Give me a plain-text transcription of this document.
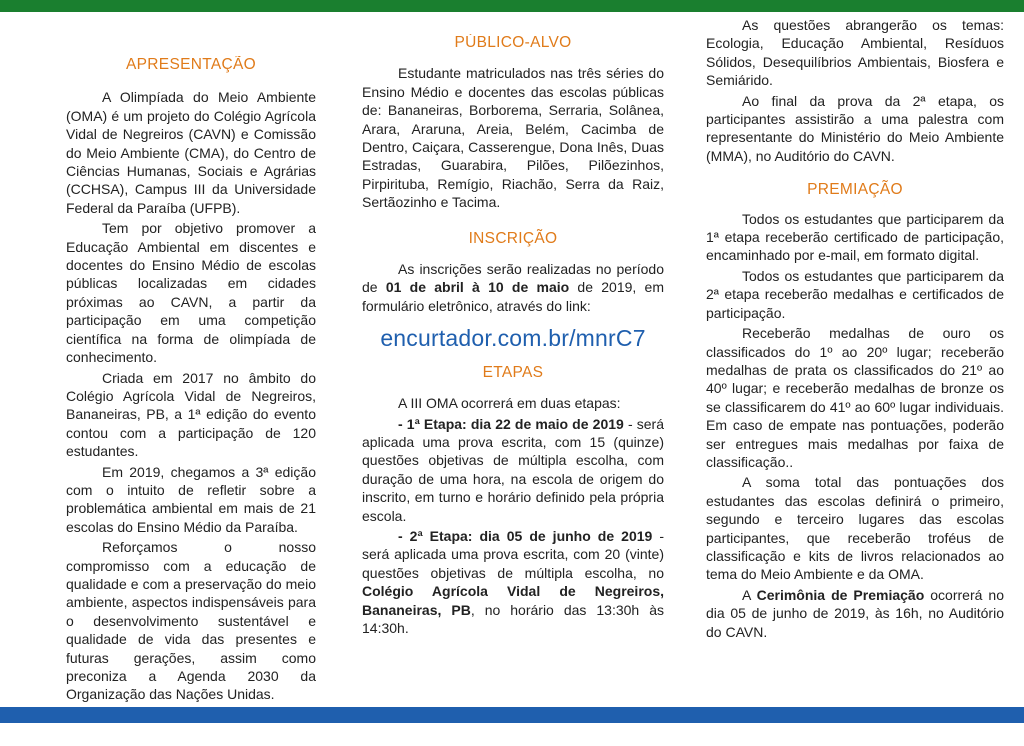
APRESENTAÇÃO

A Olimpíada do Meio Ambiente (OMA) é um projeto do Colégio Agrícola Vidal de Negreiros (CAVN) e Comissão do Meio Ambiente (CMA), do Centro de Ciências Humanas, Sociais e Agrárias (CCHSA), Campus III da Universidade Federal da Paraíba (UFPB).

Tem por objetivo promover a Educação Ambiental em discentes e docentes do Ensino Médio de escolas públicas localizadas em cidades próximas ao CAVN, a partir da participação em uma competição científica na forma de olimpíada de conhecimento.

Criada em 2017 no âmbito do Colégio Agrícola Vidal de Negreiros, Bananeiras, PB, a 1ª edição do evento contou com a participação de 120 estudantes.

Em 2019, chegamos a 3ª edição com o intuito de refletir sobre a problemática ambiental em mais de 21 escolas do Ensino Médio da Paraíba.

Reforçamos o nosso compromisso com a educação de qualidade e com a preservação do meio ambiente, aspectos indispensáveis para o desenvolvimento sustentável e qualidade de vida das presentes e futuras gerações, assim como preconiza a Agenda 2030 da Organização das Nações Unidas.

PÚBLICO-ALVO

Estudante matriculados nas três séries do Ensino Médio e docentes das escolas públicas de: Bananeiras, Borborema, Serraria, Solânea, Arara, Araruna, Areia, Belém, Cacimba de Dentro, Caiçara, Casserengue, Dona Inês, Duas Estradas, Guarabira, Pilões, Pilõezinhos, Pirpirituba, Remígio, Riachão, Serra da Raiz, Sertãozinho e Tacima.

INSCRIÇÃO

As inscrições serão realizadas no período de 01 de abril à 10 de maio de 2019, em formulário eletrônico, através do link:

encurtador.com.br/mnrC7
ETAPAS

A III OMA ocorrerá em duas etapas:

- 1ª Etapa: dia 22 de maio de 2019 - será aplicada uma prova escrita, com 15 (quinze) questões objetivas de múltipla escolha, com duração de uma hora, na escola de origem do inscrito, em turno e horário definido pela própria escola.

- 2ª Etapa: dia 05 de junho de 2019 - será aplicada uma prova escrita, com 20 (vinte) questões objetivas de múltipla escolha, no Colégio Agrícola Vidal de Negreiros, Bananeiras, PB, no horário das 13:30h às 14:30h.

As questões abrangerão os temas: Ecologia, Educação Ambiental, Resíduos Sólidos, Desequilíbrios Ambientais, Biosfera e Semiárido.

Ao final da prova da 2ª etapa, os participantes assistirão a uma palestra com representante do Ministério do Meio Ambiente (MMA), no Auditório do CAVN.

PREMIAÇÃO

Todos os estudantes que participarem da 1ª etapa receberão certificado de participação, encaminhado por e-mail, em formato digital.

Todos os estudantes que participarem da 2ª etapa receberão medalhas e certificados de participação.

Receberão medalhas de ouro os classificados do 1º ao 20º lugar; receberão medalhas de prata os classificados do 21º ao 40º lugar; e receberão medalhas de bronze os se classificarem do 41º ao 60º lugar individuais. Em caso de empate nas pontuações, poderão ser entregues mais medalhas por faixa de classificação..

A soma total das pontuações dos estudantes das escolas definirá o primeiro, segundo e terceiro lugares das escolas participantes, que receberão troféus de classificação e kits de livros relacionados ao tema do Meio Ambiente e da OMA.

A Cerimônia de Premiação ocorrerá no dia 05 de junho de 2019, às 16h, no Auditório do CAVN.
